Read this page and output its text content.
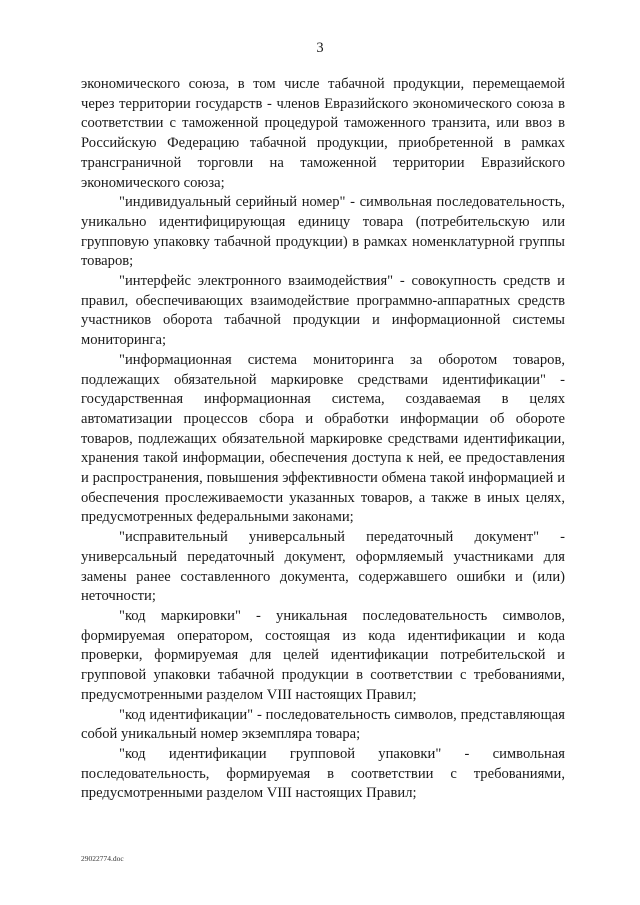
3

экономического союза, в том числе табачной продукции, перемещаемой через территории государств - членов Евразийского экономического союза в соответствии с таможенной процедурой таможенного транзита, или ввоз в Российскую Федерацию табачной продукции, приобретенной в рамках трансграничной торговли на таможенной территории Евразийского экономического союза;

"индивидуальный серийный номер" - символьная последовательность, уникально идентифицирующая единицу товара (потребительскую или групповую упаковку табачной продукции) в рамках номенклатурной группы товаров;

"интерфейс электронного взаимодействия" - совокупность средств и правил, обеспечивающих взаимодействие программно-аппаратных средств участников оборота табачной продукции и информационной системы мониторинга;

"информационная система мониторинга за оборотом товаров, подлежащих обязательной маркировке средствами идентификации" - государственная информационная система, создаваемая в целях автоматизации процессов сбора и обработки информации об обороте товаров, подлежащих обязательной маркировке средствами идентификации, хранения такой информации, обеспечения доступа к ней, ее предоставления и распространения, повышения эффективности обмена такой информацией и обеспечения прослеживаемости указанных товаров, а также в иных целях, предусмотренных федеральными законами;

"исправительный универсальный передаточный документ" - универсальный передаточный документ, оформляемый участниками для замены ранее составленного документа, содержавшего ошибки и (или) неточности;

"код маркировки" - уникальная последовательность символов, формируемая оператором, состоящая из кода идентификации и кода проверки, формируемая для целей идентификации потребительской и групповой упаковки табачной продукции в соответствии с требованиями, предусмотренными разделом VIII настоящих Правил;

"код идентификации" - последовательность символов, представляющая собой уникальный номер экземпляра товара;

"код идентификации групповой упаковки" - символьная последовательность, формируемая в соответствии с требованиями, предусмотренными разделом VIII настоящих Правил;

29022774.doc
